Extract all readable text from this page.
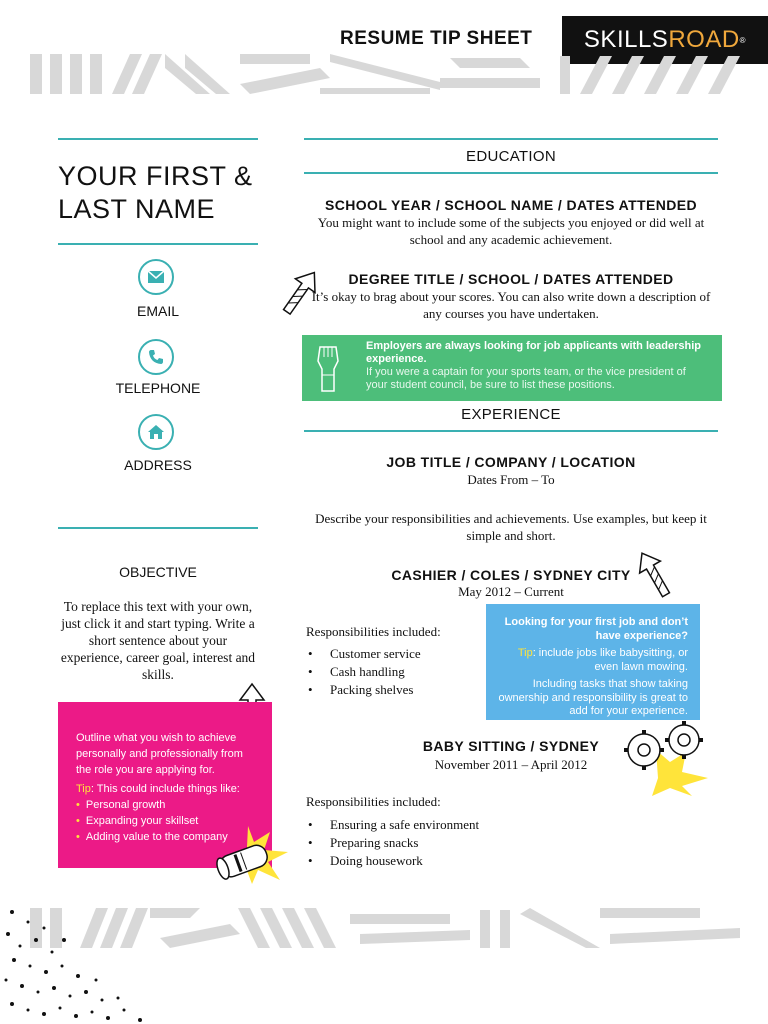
RESUME TIP SHEET SKILLS ROAD ®
YOUR FIRST & LAST NAME
EMAIL
TELEPHONE
ADDRESS
OBJECTIVE
To replace this text with your own, just click it and start typing. Write a short sentence about your experience, career goal, interest and skills.
Outline what you wish to achieve personally and professionally from the role you are applying for.
Tip: This could include things like:
• Personal growth
• Expanding your skillset
• Adding value to the company
EDUCATION
SCHOOL YEAR / SCHOOL NAME / DATES ATTENDED
You might want to include some of the subjects you enjoyed or did well at school and any academic achievement.
DEGREE TITLE / SCHOOL / DATES ATTENDED
It’s okay to brag about your scores. You can also write down a description of any courses you have undertaken.
Employers are always looking for job applicants with leadership experience.
If you were a captain for your sports team, or the vice president of your student council, be sure to list these positions.
EXPERIENCE
JOB TITLE / COMPANY / LOCATION
Dates From – To
Describe your responsibilities and achievements. Use examples, but keep it simple and short.
CASHIER / COLES / SYDNEY CITY
May 2012 – Current
Responsibilities included:
• Customer service
• Cash handling
• Packing shelves
Looking for your first job and don’t have experience?
Tip: include jobs like babysitting, or even lawn mowing.
Including tasks that show taking ownership and responsibility is great to add for your experience.
BABY SITTING / SYDNEY
November 2011 – April 2012
Responsibilities included:
• Ensuring a safe environment
• Preparing snacks
• Doing housework
